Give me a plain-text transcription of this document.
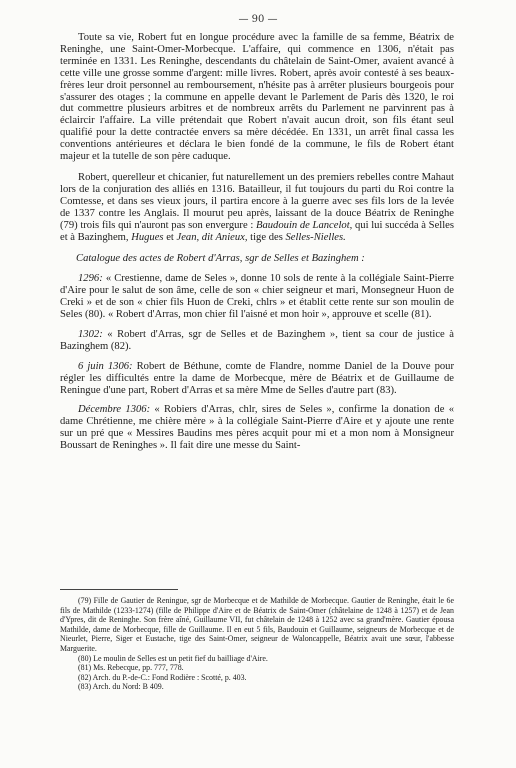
— 90 —

Toute sa vie, Robert fut en longue procédure avec la famille de sa femme, Béatrix de Reninghe, une Saint-Omer-Morbecque. L'affaire, qui commence en 1306, n'était pas terminée en 1331. Les Reninghe, descendants du châtelain de Saint-Omer, avaient avancé à cette ville une grosse somme d'argent: mille livres. Robert, après avoir contesté à ses beaux-frères leur droit personnel au remboursement, n'hésite pas à arrêter plusieurs bourgeois pour s'assurer des otages ; la commune en appelle devant le Parlement de Paris dès 1320, le roi dut commettre plusieurs arbitres et de nombreux arrêts du Parlement ne parvinrent pas à éclaircir l'affaire. La ville prétendait que Robert n'avait aucun droit, son fils étant seul qualifié pour la dette contractée envers sa mère décédée. En 1331, un arrêt final cassa les conventions antérieures et déclara le bien fondé de la commune, le fils de Robert étant majeur et la tutelle de son père caduque.

Robert, querelleur et chicanier, fut naturellement un des premiers rebelles contre Mahaut lors de la conjuration des alliés en 1316. Batailleur, il fut toujours du parti du Roi contre la Comtesse, et dans ses vieux jours, il partira encore à la guerre avec ses fils lors de la levée de 1337 contre les Anglais. Il mourut peu après, laissant de la douce Béatrix de Reninghe (79) trois fils qui n'auront pas son envergure : Baudouin de Lancelot, qui lui succéda à Selles et à Bazinghem, Hugues et Jean, dit Anieux, tige des Selles-Nielles.

Catalogue des actes de Robert d'Arras, sgr de Selles et Bazinghem :

1296: « Crestienne, dame de Seles », donne 10 sols de rente à la collégiale Saint-Pierre d'Aire pour le salut de son âme, celle de son « chier seigneur et mari, Monsegneur Huon de Creki » et de son « chier fils Huon de Creki, chlrs » et établit cette rente sur son moulin de Seles (80). « Robert d'Arras, mon chier fil l'aisné et mon hoir », approuve et scelle (81).

1302: « Robert d'Arras, sgr de Selles et de Bazinghem », tient sa cour de justice à Bazinghem (82).

6 juin 1306: Robert de Béthune, comte de Flandre, nomme Daniel de la Douve pour régler les difficultés entre la dame de Morbecque, mère de Béatrix et de Guillaume de Reningue d'une part, Robert d'Arras et sa mère Mme de Selles d'autre part (83).

Décembre 1306: « Robiers d'Arras, chlr, sires de Seles », confirme la donation de « dame Chrétienne, me chière mère » à la collégiale Saint-Pierre d'Aire et y ajoute une rente sur un pré que « Messires Baudins mes pères acquit pour mi et a mon nom à Monsigneur Boussart de Reninghes ». Il fait dire une messe du Saint-

(79) Fille de Gautier de Reningue, sgr de Morbecque et de Mathilde de Morbecque. Gautier de Reninghe, était le 6e fils de Mathilde (1233-1274) (fille de Philippe d'Aire et de Béatrix de Saint-Omer (châtelaine de 1248 à 1257) et de Jean d'Ypres, dit de Reninghe. Son frère aîné, Guillaume VII, fut châtelain de 1248 à 1252 avec sa grand'mère. Gautier épousa Mathilde, dame de Morbecque, fille de Guillaume. Il en eut 5 fils, Baudouin et Guillaume, seigneurs de Morbecque et de Nieurlet, Pierre, Siger et Eustache, tige des Saint-Omer, seigneur de Waloncappelle, Béatrix avait une sœur, l'abbesse Marguerite.

(80) Le moulin de Selles est un petit fief du bailliage d'Aire.

(81) Ms. Rebecque, pp. 777, 778.

(82) Arch. du P.-de-C.: Fond Rodière : Scotté, p. 403.

(83) Arch. du Nord: B 409.
